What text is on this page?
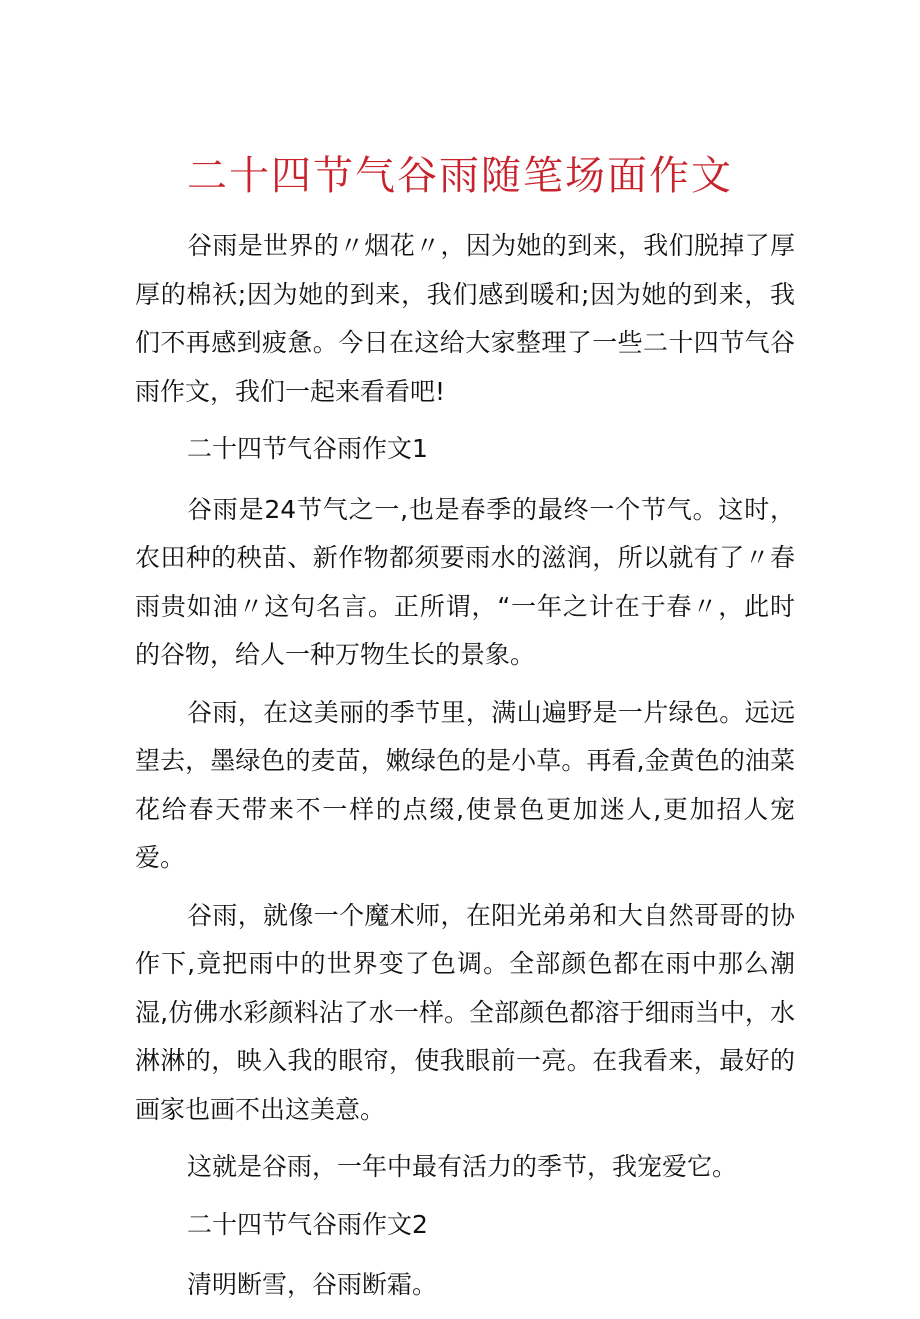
二十四节气谷雨随笔场面作文

谷雨是世界的〃烟花〃，因为她的到来，我们脱掉了厚厚的棉袄;因为她的到来，我们感到暖和;因为她的到来，我们不再感到疲惫。今日在这给大家整理了一些二十四节气谷雨作文，我们一起来看看吧!

二十四节气谷雨作文1

谷雨是24节气之一,也是春季的最终一个节气。这时，农田种的秧苗、新作物都须要雨水的滋润，所以就有了〃春雨贵如油〃这句名言。正所谓，“一年之计在于春〃，此时的谷物，给人一种万物生长的景象。

谷雨，在这美丽的季节里，满山遍野是一片绿色。远远望去，墨绿色的麦苗，嫩绿色的是小草。再看,金黄色的油菜花给春天带来不一样的点缀,使景色更加迷人,更加招人宠爱。

谷雨，就像一个魔术师，在阳光弟弟和大自然哥哥的协作下,竟把雨中的世界变了色调。全部颜色都在雨中那么潮湿,仿佛水彩颜料沾了水一样。全部颜色都溶于细雨当中，水淋淋的，映入我的眼帘，使我眼前一亮。在我看来，最好的画家也画不出这美意。

这就是谷雨，一年中最有活力的季节，我宠爱它。

二十四节气谷雨作文2

清明断雪，谷雨断霜。
